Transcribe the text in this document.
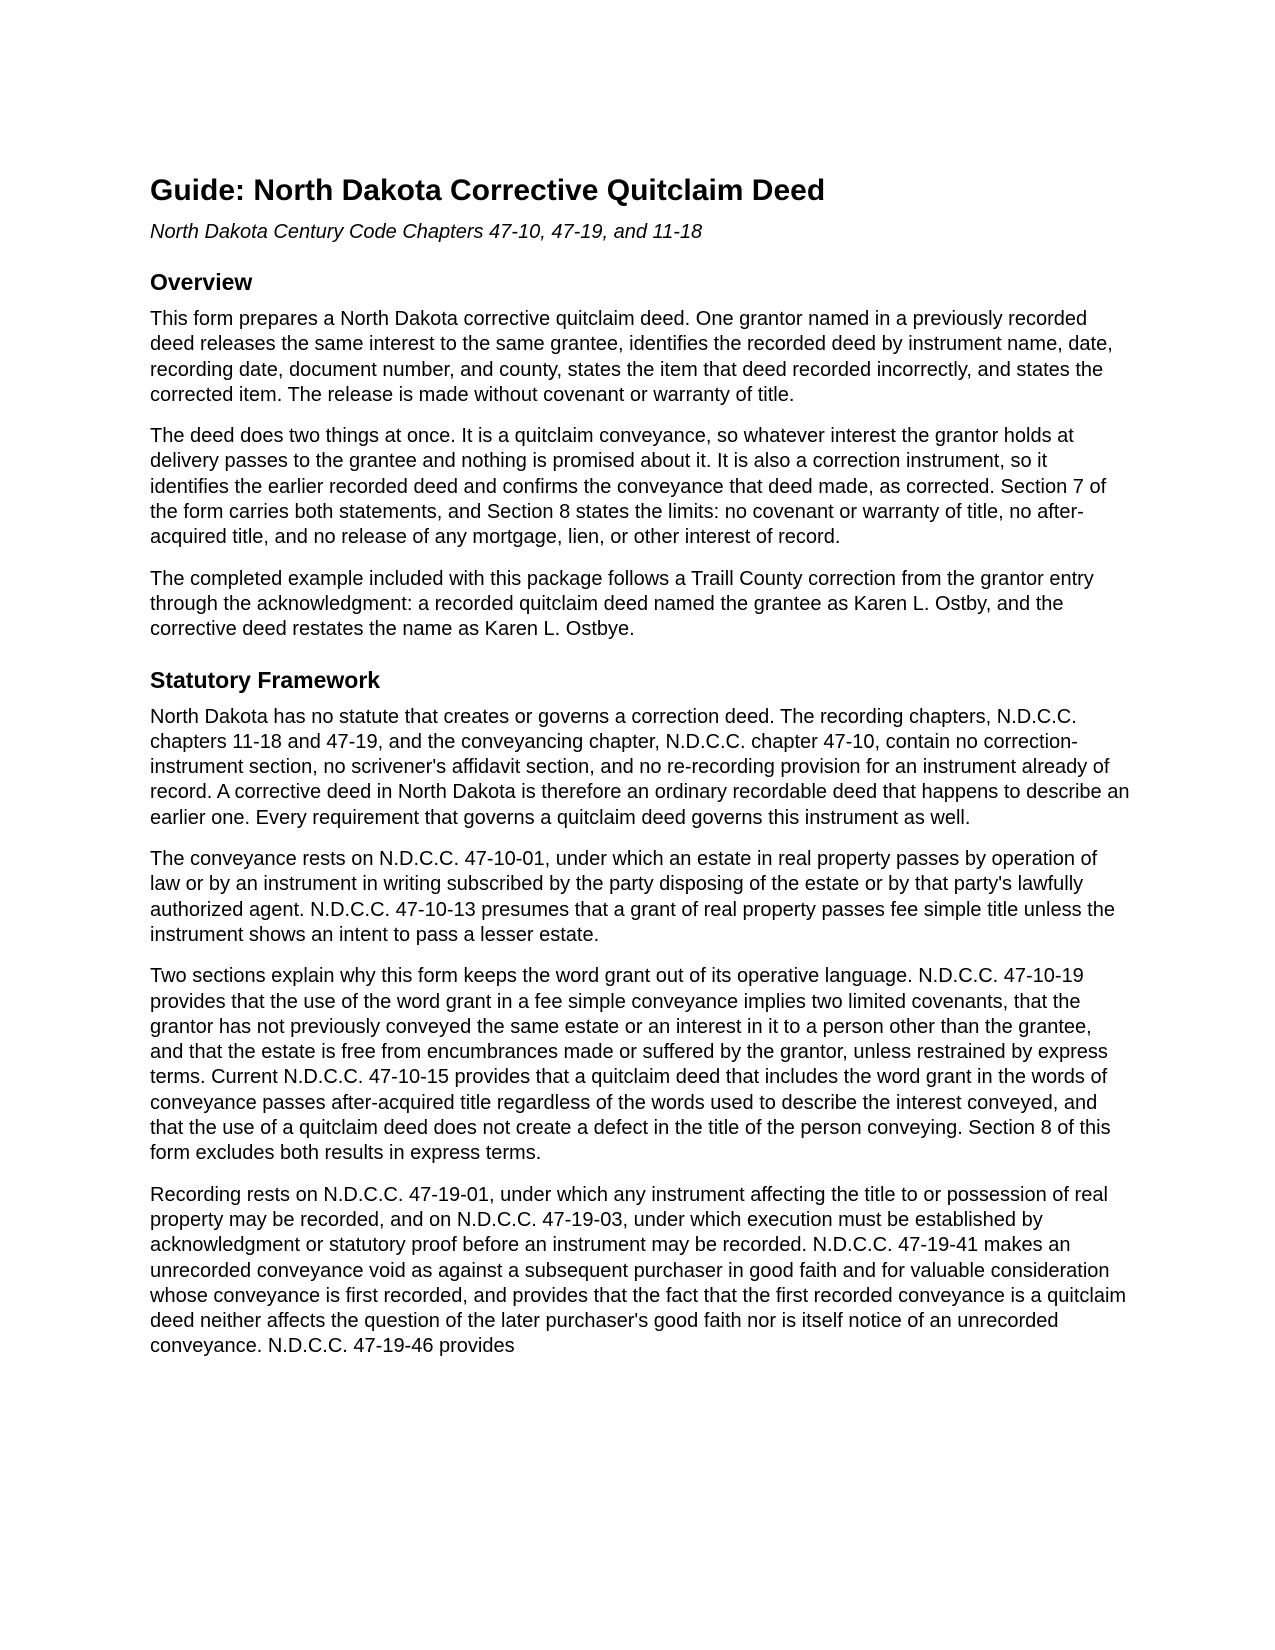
Guide: North Dakota Corrective Quitclaim Deed
North Dakota Century Code Chapters 47-10, 47-19, and 11-18
Overview

This form prepares a North Dakota corrective quitclaim deed. One grantor named in a previously recorded deed releases the same interest to the same grantee, identifies the recorded deed by instrument name, date, recording date, document number, and county, states the item that deed recorded incorrectly, and states the corrected item. The release is made without covenant or warranty of title.

The deed does two things at once. It is a quitclaim conveyance, so whatever interest the grantor holds at delivery passes to the grantee and nothing is promised about it. It is also a correction instrument, so it identifies the earlier recorded deed and confirms the conveyance that deed made, as corrected. Section 7 of the form carries both statements, and Section 8 states the limits: no covenant or warranty of title, no after-acquired title, and no release of any mortgage, lien, or other interest of record.

The completed example included with this package follows a Traill County correction from the grantor entry through the acknowledgment: a recorded quitclaim deed named the grantee as Karen L. Ostby, and the corrective deed restates the name as Karen L. Ostbye.

Statutory Framework

North Dakota has no statute that creates or governs a correction deed. The recording chapters, N.D.C.C. chapters 11-18 and 47-19, and the conveyancing chapter, N.D.C.C. chapter 47-10, contain no correction-instrument section, no scrivener's affidavit section, and no re-recording provision for an instrument already of record. A corrective deed in North Dakota is therefore an ordinary recordable deed that happens to describe an earlier one. Every requirement that governs a quitclaim deed governs this instrument as well.

The conveyance rests on N.D.C.C. 47-10-01, under which an estate in real property passes by operation of law or by an instrument in writing subscribed by the party disposing of the estate or by that party's lawfully authorized agent. N.D.C.C. 47-10-13 presumes that a grant of real property passes fee simple title unless the instrument shows an intent to pass a lesser estate.

Two sections explain why this form keeps the word grant out of its operative language. N.D.C.C. 47-10-19 provides that the use of the word grant in a fee simple conveyance implies two limited covenants, that the grantor has not previously conveyed the same estate or an interest in it to a person other than the grantee, and that the estate is free from encumbrances made or suffered by the grantor, unless restrained by express terms. Current N.D.C.C. 47-10-15 provides that a quitclaim deed that includes the word grant in the words of conveyance passes after-acquired title regardless of the words used to describe the interest conveyed, and that the use of a quitclaim deed does not create a defect in the title of the person conveying. Section 8 of this form excludes both results in express terms.

Recording rests on N.D.C.C. 47-19-01, under which any instrument affecting the title to or possession of real property may be recorded, and on N.D.C.C. 47-19-03, under which execution must be established by acknowledgment or statutory proof before an instrument may be recorded. N.D.C.C. 47-19-41 makes an unrecorded conveyance void as against a subsequent purchaser in good faith and for valuable consideration whose conveyance is first recorded, and provides that the fact that the first recorded conveyance is a quitclaim deed neither affects the question of the later purchaser's good faith nor is itself notice of an unrecorded conveyance. N.D.C.C. 47-19-46 provides
